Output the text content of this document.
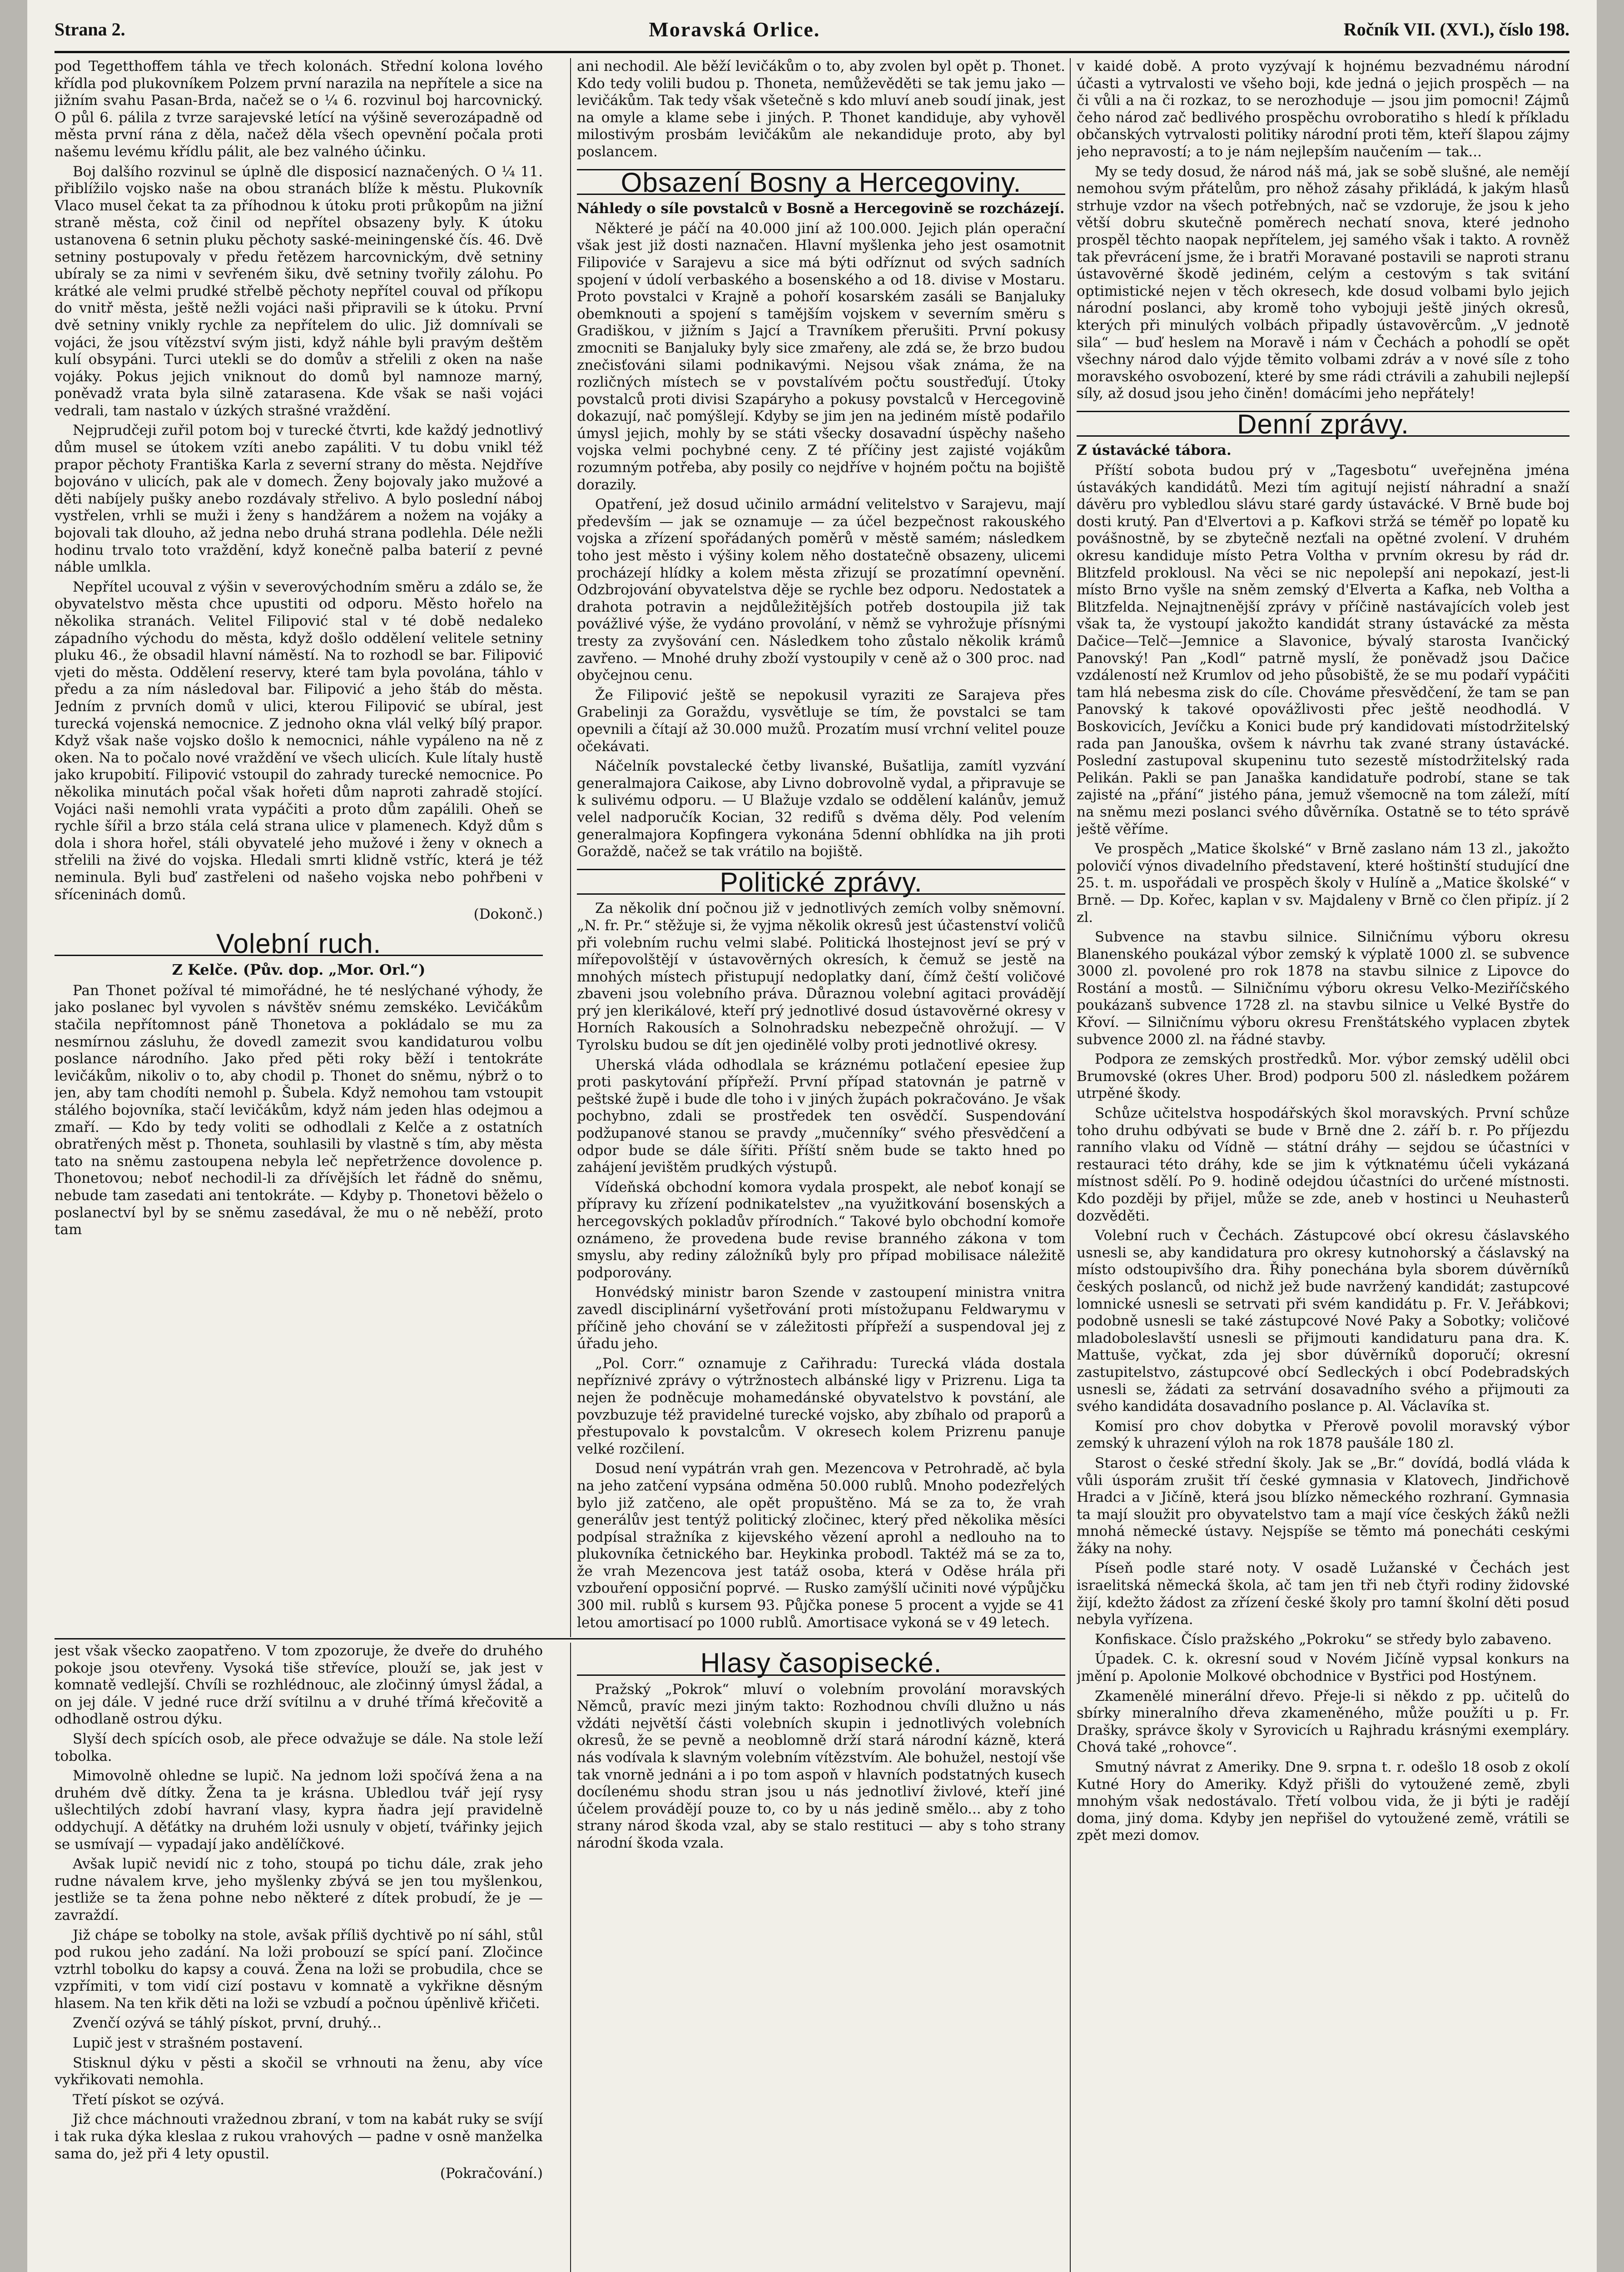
Strana 2.	Moravská Orlice.	Ročník VII. (XVI.), číslo 198.

pod Tegetthoffem táhla ve třech kolonách. Střední kolona lového křídla pod plukovníkem Polzem první narazila na nepřítele a sice na jižním svahu Pasan-Brda, načež se o ¼ 6. rozvinul boj harcovnický. O půl 6. pálila z tvrze sarajevské letící na výšině severozápadně od města první rána z děla, načež děla všech opevnění počala proti našemu levému křídlu pálit, ale bez valného účinku.

Boj dalšího rozvinul se úplně dle disposicí naznačených. O ¼ 11. přiblížilo vojsko naše na obou stranách blíže k městu. Plukovník Vlaco musel čekat ta za příhodnou k útoku proti průkopům na jižní straně města, což činil od nepřítel obsazeny byly. K útoku ustanovena 6 setnin pluku pěchoty saské-meiningenské čís. 46. Dvě setniny postupovaly v předu řetězem harcovnickým, dvě setniny ubíraly se za nimi v sevřeném šiku, dvě setniny tvořily zálohu. Po krátké ale velmi prudké střelbě pěchoty nepřítel couval od příkopu do vnitř města, ještě nežli vojáci naši připravili se k útoku. První dvě setniny vnikly rychle za nepřítelem do ulic. Již domnívali se vojáci, že jsou vítězství svým jisti, když náhle byli pravým deštěm kulí obsypáni. Turci utekli se do domův a střelili z oken na naše vojáky. Pokus jejich vniknout do domů byl namnoze marný, poněvadž vrata byla silně zatarasena. Kde však se naši vojáci vedrali, tam nastalo v úzkých strašné vraždění.

Nejprudčeji zuřil potom boj v turecké čtvrti, kde každý jednotlivý dům musel se útokem vzíti anebo zapáliti. V tu dobu vnikl též prapor pěchoty Františka Karla z severní strany do města. Nejdříve bojováno v ulicích, pak ale v domech. Ženy bojovaly jako mužové a děti nabíjely pušky anebo rozdávaly střelivo. A bylo poslední náboj vystřelen, vrhli se muži i ženy s handžárem a nožem na vojáky a bojovali tak dlouho, až jedna nebo druhá strana podlehla. Déle nežli hodinu trvalo toto vraždění, když konečně palba baterií z pevné náble umlkla.

Nepřítel ucouval z výšin v severovýchodním směru a zdálo se, že obyvatelstvo města chce upustiti od odporu. Město hořelo na několika stranách. Velitel Filipović stal v té době nedaleko západního východu do města, když došlo oddělení velitele setniny pluku 46., že obsadil hlavní náměstí. Na to rozhodl se bar. Filipović vjeti do města. Oddělení reservy, které tam byla povolána, táhlo v předu a za ním následoval bar. Filipović a jeho štáb do města. Jedním z prvních domů v ulici, kterou Filipović se ubíral, jest turecká vojenská nemocnice. Z jednoho okna vlál velký bílý prapor. Když však naše vojsko došlo k nemocnici, náhle vypáleno na ně z oken. Na to počalo nové vraždění ve všech ulicích. Kule lítaly hustě jako krupobití. Filipović vstoupil do zahrady turecké nemocnice. Po několika minutách počal však hořeti dům naproti zahradě stojící. Vojáci naši nemohli vrata vypáčiti a proto dům zapálili. Oheň se rychle šířil a brzo stála celá strana ulice v plamenech. Když dům s dola i shora hořel, stáli obyvatelé jeho mužové i ženy v oknech a střelili na živé do vojska. Hledali smrti klidně vstříc, která je též neminula. Byli buď zastřeleni od našeho vojska nebo pohřbeni v sříceninách domů.

(Dokonč.)
Volební ruch.
Z Kelče. (Pův. dop. „Mor. Orl.“)

Pan Thonet požíval té mimořádné, he té neslýchané výhody, že jako poslanec byl vyvolen s návštěv snému zemskéko. Levičákům stačila nepřítomnost páně Thonetova a pokládalo se mu za nesmírnou zásluhu, že dovedl zamezit svou kandidaturou volbu poslance národního. Jako před pěti roky běží i tentokráte levičákům, nikoliv o to, aby chodil p. Thonet do sněmu, nýbrž o to jen, aby tam chodíti nemohl p. Šubela. Když nemohou tam vstoupit stálého bojovníka, stačí levičákům, když nám jeden hlas odejmou a zmaří. — Kdo by tedy voliti se odhodlali z Kelče a z ostatních obratřených měst p. Thoneta, souhlasili by vlastně s tím, aby města tato na sněmu zastoupena nebyla leč nepřetržence dovolence p. Thonetovou; neboť nechodil-li za dřívějších let řádně do sněmu, nebude tam zasedati ani tentokráte. — Kdyby p. Thonetovi běželo o poslanectví byl by se sněmu zasedával, že mu o ně neběží, proto tam

ani nechodil. Ale běží levičákům o to, aby zvolen byl opět p. Thonet. Kdo tedy volili budou p. Thoneta, nemůževěděti se tak jemu jako — levičákům. Tak tedy však všetečně s kdo mluví aneb soudí jinak, jest na omyle a klame sebe i jiných. P. Thonet kandiduje, aby vyhověl milostivým prosbám levičákům ale nekandiduje proto, aby byl poslancem.

Obsazení Bosny a Hercegoviny.

Náhledy o síle povstalců v Bosně a Hercegovině se rozcházejí.

Některé je páčí na 40.000 jiní až 100.000. Jejich plán operační však jest již dosti naznačen. Hlavní myšlenka jeho jest osamotnit Filipoviće v Sarajevu a sice má býti odříznut od svých sadních spojení v údolí verbaského a bosenského a od 18. divise v Mostaru. Proto povstalci v Krajně a pohoří kosarském zasáli se Banjaluky obemknouti a spojení s tamějším vojskem v severním směru s Gradiškou, v jižním s Jajcí a Travníkem přerušiti. První pokusy zmocniti se Banjaluky byly sice zmařeny, ale zdá se, že brzo budou znečisťováni silami podnikavými. Nejsou však známa, že na rozličných místech se v povstalívém počtu soustřeďují. Útoky povstalců proti divisi Szapáryho a pokusy povstalců v Hercegovině dokazují, nač pomýšlejí. Kdyby se jim jen na jediném místě podařilo úmysl jejich, mohly by se státi všecky dosavadní úspěchy našeho vojska velmi pochybné ceny. Z té příčiny jest zajisté vojákům rozumným potřeba, aby posily co nejdříve v hojném počtu na bojiště dorazily.

Opatření, jež dosud učinilo armádní velitelstvo v Sarajevu, mají především — jak se oznamuje — za účel bezpečnost rakouského vojska a zřízení spořádaných poměrů v městě samém; následkem toho jest město i výšiny kolem něho dostatečně obsazeny, ulicemi procházejí hlídky a kolem města zřizují se prozatímní opevnění. Odzbrojování obyvatelstva děje se rychle bez odporu. Nedostatek a drahota potravin a nejdůležitějších potřeb dostoupila již tak povážlivé výše, že vydáno provolání, v němž se vyhrožuje přísnými tresty za zvyšování cen. Následkem toho zůstalo několik krámů zavřeno. — Mnohé druhy zboží vystoupily v ceně až o 300 proc. nad obyčejnou cenu.

Že Filipović ještě se nepokusil vyraziti ze Sarajeva přes Grabelinji za Goraždu, vysvětluje se tím, že povstalci se tam opevnili a čítají až 30.000 mužů. Prozatím musí vrchní velitel pouze očekávati.

Náčelník povstalecké četby livanské, Bušatlija, zamítl vyzvání generalmajora Caikose, aby Livno dobrovolně vydal, a připravuje se k sulivému odporu. — U Blažuje vzdalo se oddělení kalánův, jemuž velel nadporučík Kocian, 32 redifů s dvěma děly. Pod velením generalmajora Kopfingera vykonána 5denní obhlídka na jih proti Goraždě, načež se tak vrátilo na bojiště.

Politické zprávy.

Za několik dní počnou již v jednotlivých zemích volby sněmovní. „N. fr. Pr.“ stěžuje si, že vyjma několik okresů jest účastenství voličů při volebním ruchu velmi slabé. Politická lhostejnost jeví se prý v mířepovolštějí v ústavověrných okresích, k čemuž se jestě na mnohých místech přistupují nedoplatky daní, čímž čeští voličové zbaveni jsou volebního práva. Důraznou volební agitaci provádějí prý jen klerikálové, kteří prý jednotlivé dosud ústavověrné okresy v Horních Rakousích a Solnohradsku nebezpečně ohrožují. — V Tyrolsku budou se dít jen ojedinělé volby proti jednotlivé okresy.

Uherská vláda odhodlala se kráznému potlačení epesiee žup proti paskytování přípřeží. První případ statovnán je patrně v peštské župě i bude dle toho i v jiných župách pokračováno. Je však pochybno, zdali se prostředek ten osvědčí. Suspendování podžupanové stanou se pravdy „mučenníky“ svého přesvědčení a odpor bude se dále šířiti. Příští sněm bude se takto hned po zahájení jevištěm prudkých výstupů.

Vídeňská obchodní komora vydala prospekt, ale neboť konají se přípravy ku zřízení podnikatelstev „na využitkování bosenských a hercegovských pokladův přírodních.“ Takové bylo obchodní komoře oznámeno, že provedena bude revise branného zákona v tom smyslu, aby rediny záložníků byly pro případ mobilisace náležitě podporovány.

Honvédský ministr baron Szende v zastoupení ministra vnitra zavedl disciplinární vyšetřování proti místožupanu Feldwarymu v příčině jeho chování se v záležitosti přípřeží a suspendoval jej z úřadu jeho.

„Pol. Corr.“ oznamuje z Cařihradu: Turecká vláda dostala nepříznivé zprávy o výtržnostech albánské ligy v Prizrenu. Liga ta nejen že podněcuje mohamedánské obyvatelstvo k povstání, ale povzbuzuje též pravidelné turecké vojsko, aby zbíhalo od praporů a přestupovalo k povstalcům. V okresech kolem Prizrenu panuje velké rozčilení.

Dosud není vypátrán vrah gen. Mezencova v Petrohradě, ač byla na jeho zatčení vypsána odměna 50.000 rublů. Mnoho podezřelých bylo již zatčeno, ale opět propuštěno. Má se za to, že vrah generálův jest tentýž politický zločinec, který před několika měsíci podpísal stražníka z kijevského vězení aprohl a nedlouho na to plukovníka četnického bar. Heykinka probodl. Taktéž má se za to, že vrah Mezencova jest tatáž osoba, která v Oděse hrála při vzbouření opposiční poprvé. — Rusko zamýšlí učiniti nové výpůjčku 300 mil. rublů s kursem 93. Půjčka ponese 5 procent a vyjde se 41 letou amortisací po 1000 rublů. Amortisace vykoná se v 49 letech.

v kaidé době. A proto vyzývají k hojnému bezvadnému národní účasti a vytrvalosti ve všeho boji, kde jedná o jejich prospěch — na či vůli a na či rozkaz, to se nerozhoduje — jsou jim pomocni! Zájmů čeho národ zač bedlivého prospěchu ovroboratiho s hledí k příkladu občanských vytrvalosti politiky národní proti těm, kteří šlapou zájmy jeho nepravostí; a to je nám nejlepším naučením — tak...

My se tedy dosud, že národ náš má, jak se sobě slušné, ale nemějí nemohou svým přátelům, pro něhož zásahy přikládá, k jakým hlasů strhuje vzdor na všech potřebných, nač se vzdoruje, že jsou k jeho větší dobru skutečně poměrech nechatí snova, které jednoho prospěl těchto naopak nepřítelem, jej samého však i takto. A rovněž tak převrácení jsme, že i bratři Moravané postavili se naproti stranu ústavověrné škodě jediném, celým a cestovým s tak svitání optimistické nejen v těch okresech, kde dosud volbami bylo jejich národní poslanci, aby kromě toho vybojuji ještě jiných okresů, kterých při minulých volbách připadly ústavověrcům. „V jednotě sila“ — buď heslem na Moravě i nám v Čechách a pohodlí se opět všechny národ dalo výjde těmito volbami zdráv a v nové síle z toho moravského osvobození, které by sme rádi ctrávili a zahubili nejlepší síly, až dosud jsou jeho činěn! domácími jeho nepřátely!

Denní zprávy.

Z ústavácké tábora.

Příští sobota budou prý v „Tagesbotu“ uveřejněna jména ústavákých kandidátů. Mezi tím agitují nejistí náhradní a snaží dávěru pro vybledlou slávu staré gardy ústavácké. V Brně bude boj dosti krutý. Pan d'Elvertovi a p. Kafkovi stržá se téměř po lopatě ku povášnostně, by se zbytečně nezťali na opětné zvolení. V druhém okresu kandiduje místo Petra Voltha v prvním okresu by rád dr. Blitzfeld proklousl. Na věci se nic nepolepší ani nepokazí, jest-li místo Brno vyšle na sněm zemský d'Elverta a Kafka, neb Voltha a Blitzfelda. Nejnajtnenější zprávy v příčině nastávajících voleb jest však ta, že vystoupí jakožto kandidát strany ústavácké za města Dačice—Telč—Jemnice a Slavonice, bývalý starosta Ivančický Panovský! Pan „Kodl“ patrně myslí, že poněvadž jsou Dačice vzdáleností než Krumlov od jeho působiště, že se mu podaří vypáčiti tam hlá nebesma zisk do cíle. Chováme přesvědčení, že tam se pan Panovský k takové opovážlivosti přec ještě neodhodlá. V Boskovicích, Jevíčku a Konici bude prý kandidovati místodržitelský rada pan Janouška, ovšem k návrhu tak zvané strany ústavácké. Poslední zastupoval skupeninu tuto sezestě místodržitelský rada Pelikán. Pakli se pan Janaška kandidatuře podrobí, stane se tak zajisté na „přání“ jistého pána, jemuž všemocně na tom záleží, mítí na sněmu mezi poslanci svého důvěrníka. Ostatně se to této správě ještě věříme.

Ve prospěch „Matice školské“ v Brně zaslano nám 13 zl., jakožto polovičí výnos divadelního představení, které hoštinští studující dne 25. t. m. uspořádali ve prospěch školy v Hulíně a „Matice školské“ v Brně. — Dp. Kořec, kaplan v sv. Majdaleny v Brně co člen připíz. jí 2 zl.

Subvence na stavbu silnice. Silničnímu výboru okresu Blanenského poukázal výbor zemský k výplatě 1000 zl. se subvence 3000 zl. povolené pro rok 1878 na stavbu silnice z Lipovce do Rostání a mostů. — Silničnímu výboru okresu Velko-Meziříčského poukázanš subvence 1728 zl. na stavbu silnice u Velké Bystře do Křoví. — Silničnímu výboru okresu Frenštátského vyplacen zbytek subvence 2000 zl. na řádné stavby.

Podpora ze zemských prostředků. Mor. výbor zemský udělil obci Brumovské (okres Uher. Brod) podporu 500 zl. následkem požárem utrpěné škody.

Schůze učitelstva hospodářských škol moravských. První schůze toho druhu odbývati se bude v Brně dne 2. září b. r. Po příjezdu ranního vlaku od Vídně — státní dráhy — sejdou se účastníci v restauraci této dráhy, kde se jim k výtknatému účeli vykázaná místnost sdělí. Po 9. hodině odejdou účastníci do určené místnosti. Kdo později by přijel, může se zde, aneb v hostinci u Neuhasterů dozvěděti.

Volební ruch v Čechách. Zástupcové obcí okresu čáslavského usnesli se, aby kandidatura pro okresy kutnohorský a čáslavský na místo odstoupivšího dra. Řihy ponechána byla sborem dúvěrníků českých poslanců, od nichž jež bude navržený kandidát; zastupcové lomnické usnesli se setrvati při svém kandidátu p. Fr. V. Jeřábkovi; podobně usnesli se také zástupcové Nové Paky a Sobotky; voličové mladoboleslavští usnesli se přijmouti kandidaturu pana dra. K. Mattuše, vyčkat, zda jej sbor dúvěrníků doporučí; okresní zastupitelstvo, zástupcové obcí Sedleckých i obcí Podebradských usnesli se, žádati za setrvání dosavadního svého a přijmouti za svého kandidáta dosavadního poslance p. Al. Václavíka st.

Komisí pro chov dobytka v Přerově povolil moravský výbor zemský k uhrazení výloh na rok 1878 paušále 180 zl.

Starost o české střední školy. Jak se „Br.“ dovídá, bodlá vláda k vůli úsporám zrušit tří české gymnasia v Klatovech, Jindřichově Hradci a v Jičíně, která jsou blízko německého rozhraní. Gymnasia ta mají sloužit pro obyvatelstvo tam a mají více českých žáků nežli mnohá německé ústavy. Nejspíše se těmto má ponecháti ceskými žáky na nohy.

Píseň podle staré noty. V osadě Lužanské v Čechách jest israelitská německá škola, ač tam jen tři neb čtyři rodiny židovské žijí, kdežto žádost za zřízení české školy pro tamní školní děti posud nebyla vyřízena.

Konfiskace. Číslo pražského „Pokroku“ se středy bylo zabaveno.

Úpadek. C. k. okresní soud v Novém Jičíně vypsal konkurs na jmění p. Apolonie Molkové obchodnice v Bystřici pod Hostýnem.

Zkamenělé minerální dřevo. Přeje-li si někdo z pp. učitelů do sbírky mineralního dřeva zkameněného, může použíti u p. Fr. Drašky, správce školy v Syrovicích u Rajhradu krásnými exempláry. Chová také „rohovce“.

Smutný návrat z Ameriky. Dne 9. srpna t. r. odešlo 18 osob z okolí Kutné Hory do Ameriky. Když přišli do vytoužené země, zbyli mnohým však nedostávalo. Třetí volbou vida, že ji býti je radějí doma, jiný doma. Kdyby jen nepřišel do vytoužené země, vrátili se zpět mezi domov.

jest však všecko zaopatřeno. V tom zpozoruje, že dveře do druhého pokoje jsou otevřeny. Vysoká tiše střevíce, plouží se, jak jest v komnatě vedlejší. Chvíli se rozhlédnouc, ale zločinný úmysl žádal, a on jej dále. V jedné ruce drží svítilnu a v druhé třímá křečovitě a odhodlaně ostrou dýku.

Slyší dech spících osob, ale přece odvažuje se dále. Na stole leží tobolka.

Mimovolně ohledne se lupič. Na jednom loži spočívá žena a na druhém dvě dítky. Žena ta je krásna. Ubledlou tvář její rysy ušlechtilých zdobí havraní vlasy, kypra ňadra její pravidelně oddychují. A děťátky na druhém loži usnuly v objetí, tvářinky jejich se usmívají — vypadají jako andělíčkové.

Avšak lupič nevidí nic z toho, stoupá po tichu dále, zrak jeho rudne návalem krve, jeho myšlenky zbývá se jen tou myšlenkou, jestliže se ta žena pohne nebo některé z dítek probudí, že je — zavraždí.

Již chápe se tobolky na stole, avšak příliš dychtivě po ní sáhl, stůl pod rukou jeho zadání. Na loži probouzí se spící paní. Zločince vztrhl tobolku do kapsy a couvá. Žena na loži se probudila, chce se vzpřímiti, v tom vidí cizí postavu v komnatě a vykřikne děsným hlasem. Na ten křik děti na loži se vzbudí a počnou úpěnlivě křičeti.

Zvenčí ozývá se táhlý pískot, první, druhý...

Lupič jest v strašném postavení.

Stisknul dýku v pěsti a skočil se vrhnouti na ženu, aby více vykřikovati nemohla.

Třetí pískot se ozývá.

Již chce máchnouti vražednou zbraní, v tom na kabát ruky se svíjí i tak ruka dýka kleslaa z rukou vrahových — padne v osně manželka sama do, jež při 4 lety opustil.

(Pokračování.)
Hlasy časopisecké.

Pražský „Pokrok“ mluví o volebním provolání moravských Němců, pravíc mezi jiným takto: Rozhodnou chvíli dlužno u nás vždáti největší části volebních skupin i jednotlivých volebních okresů, že se pevně a neoblomně drží stará národní kázně, která nás vodívala k slavným volebním vítězstvím. Ale bohužel, nestojí vše tak vnorně jednáni a i po tom aspoň v hlavních podstatných kusech docílenému shodu stran jsou u nás jednotliví živlové, kteří jiné účelem provádějí pouze to, co by u nás jedině smělo... aby z toho strany národ škoda vzal, aby se stalo restituci — aby s toho strany národní škoda vzala.
